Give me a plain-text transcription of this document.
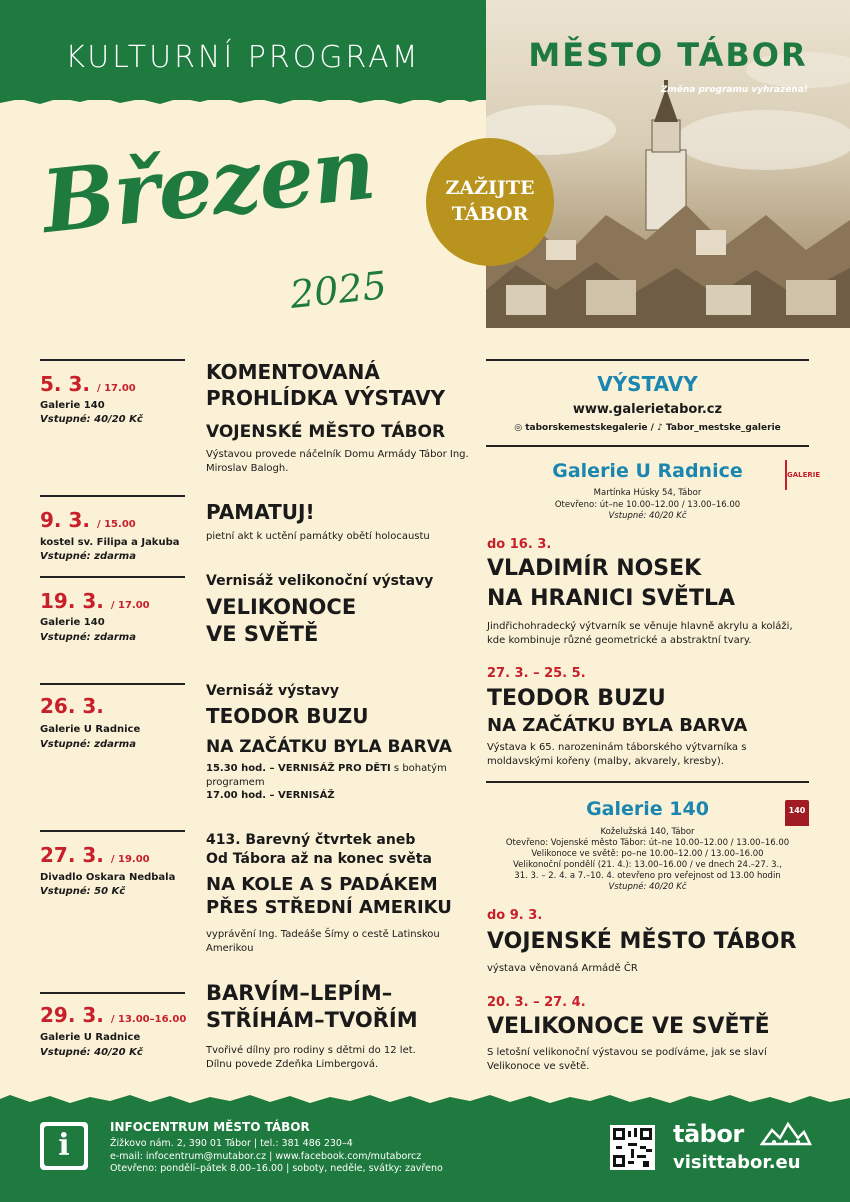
KULTURNÍ PROGRAM	MĚSTO TÁBOR
Změna programu vyhrazena!
ZAŽIJTE
TÁBOR
Březen
2025
5. 3. / 17.00
Galerie 140
Vstupné: 40/20 Kč
KOMENTOVANÁ
PROHLÍDKA VÝSTAVY
VOJENSKÉ MĚSTO TÁBOR
Výstavou provede náčelník Domu Armády Tábor Ing. Miroslav Balogh.
9. 3. / 15.00
kostel sv. Filipa a Jakuba
Vstupné: zdarma
PAMATUJ!
pietní akt k uctění památky obětí holocaustu
19. 3. / 17.00
Galerie 140
Vstupné: zdarma
Vernisáž velikonoční výstavy
VELIKONOCE
VE SVĚTĚ
26. 3.
Galerie U Radnice
Vstupné: zdarma
Vernisáž výstavy
TEODOR BUZU
NA ZAČÁTKU BYLA BARVA
15.30 hod. – VERNISÁŽ PRO DĚTI s bohatým programem
17.00 hod. – VERNISÁŽ
27. 3. / 19.00
Divadlo Oskara Nedbala
Vstupné: 50 Kč
413. Barevný čtvrtek aneb
Od Tábora až na konec světa
NA KOLE A S PADÁKEM
PŘES STŘEDNÍ AMERIKU
vyprávění Ing. Tadeáše Šímy o cestě Latinskou Amerikou
29. 3. / 13.00–16.00
Galerie U Radnice
Vstupné: 40/20 Kč
BARVÍM–LEPÍM–
STŘÍHÁM–TVOŘÍM
Tvořivé dílny pro rodiny s dětmi do 12 let.
Dílnu povede Zdeňka Limbergová.
VÝSTAVY
www.galerietabor.cz
◎ taborskemestskegalerie / ♪ Tabor_mestske_galerie
Galerie U Radnice	GALERIE
Martínka Húsky 54, Tábor
Otevřeno: út–ne 10.00–12.00 / 13.00–16.00
Vstupné: 40/20 Kč
do 16. 3.
VLADIMÍR NOSEK
NA HRANICI SVĚTLA
Jindřichohradecký výtvarník se věnuje hlavně akrylu a koláži, kde kombinuje různé geometrické a abstraktní tvary.
27. 3. – 25. 5.
TEODOR BUZU
NA ZAČÁTKU BYLA BARVA
Výstava k 65. narozeninám táborského výtvarníka s moldavskými kořeny (malby, akvarely, kresby).
Galerie 140	140
Koželužská 140, Tábor
Otevřeno: Vojenské město Tábor: út–ne 10.00–12.00 / 13.00–16.00
Velikonoce ve světě: po–ne 10.00–12.00 / 13.00–16.00
Velikonoční pondělí (21. 4.): 13.00–16.00 / ve dnech 24.–27. 3.,
31. 3. – 2. 4. a 7.–10. 4. otevřeno pro veřejnost od 13.00 hodin
Vstupné: 40/20 Kč
do 9. 3.
VOJENSKÉ MĚSTO TÁBOR
výstava věnovaná Armádě ČR
20. 3. – 27. 4.
VELIKONOCE VE SVĚTĚ
S letošní velikonoční výstavou se podíváme, jak se slaví Velikonoce ve světě.
i
INFOCENTRUM MĚSTO TÁBOR
Žižkovo nám. 2, 390 01 Tábor | tel.: 381 486 230–4
e-mail: infocentrum@mutabor.cz | www.facebook.com/mutaborcz
Otevřeno: pondělí–pátek 8.00–16.00 | soboty, neděle, svátky: zavřeno
tābor
visittabor.eu
